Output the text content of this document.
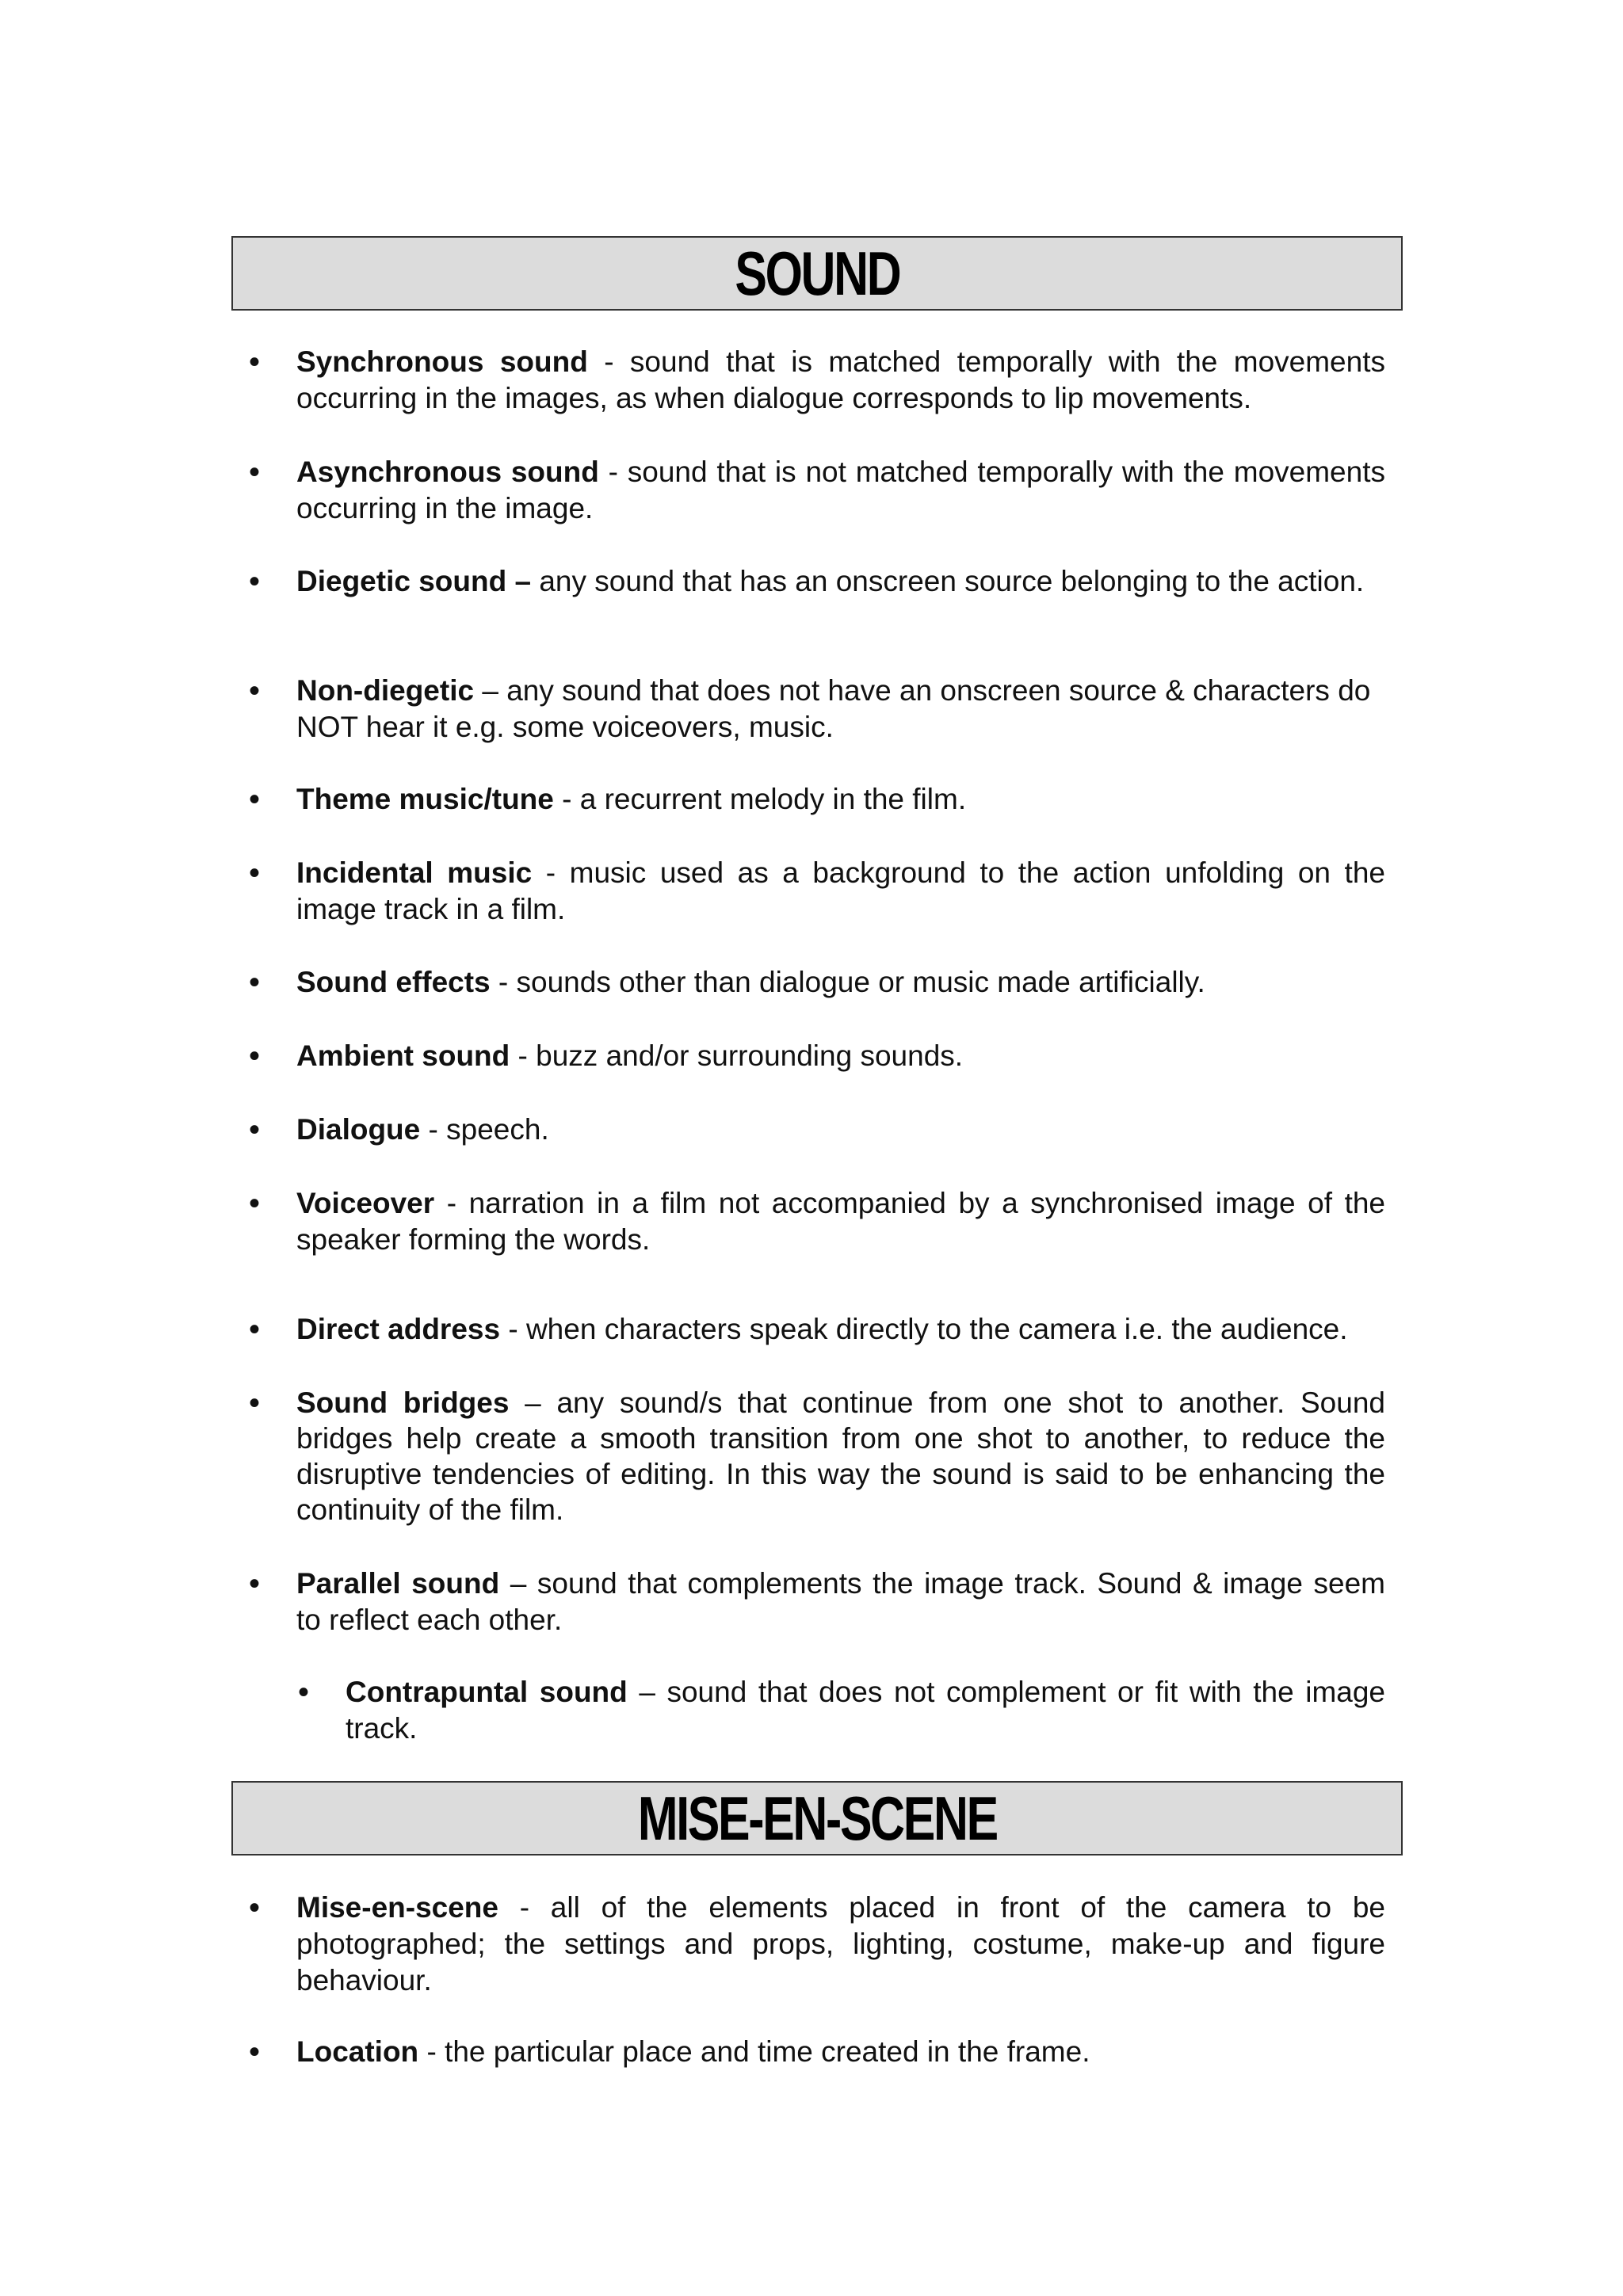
SOUND
• Synchronous sound - sound that is matched temporally with the movements occurring in the images, as when dialogue corresponds to lip movements.
• Asynchronous sound - sound that is not matched temporally with the movements occurring in the image.
• Diegetic sound – any sound that has an onscreen source belonging to the action.
• Non-diegetic – any sound that does not have an onscreen source & characters do NOT hear it e.g. some voiceovers, music.
• Theme music/tune - a recurrent melody in the film.
• Incidental music - music used as a background to the action unfolding on the image track in a film.
• Sound effects - sounds other than dialogue or music made artificially.
• Ambient sound - buzz and/or surrounding sounds.
• Dialogue - speech.
• Voiceover - narration in a film not accompanied by a synchronised image of the speaker forming the words.
• Direct address - when characters speak directly to the camera i.e. the audience.
• Sound bridges – any sound/s that continue from one shot to another. Sound bridges help create a smooth transition from one shot to another, to reduce the disruptive tendencies of editing. In this way the sound is said to be enhancing the continuity of the film.
• Parallel sound – sound that complements the image track. Sound & image seem to reflect each other.
• Contrapuntal sound – sound that does not complement or fit with the image track.
MISE-EN-SCENE
• Mise-en-scene - all of the elements placed in front of the camera to be photographed; the settings and props, lighting, costume, make-up and figure behaviour.
• Location - the particular place and time created in the frame.
